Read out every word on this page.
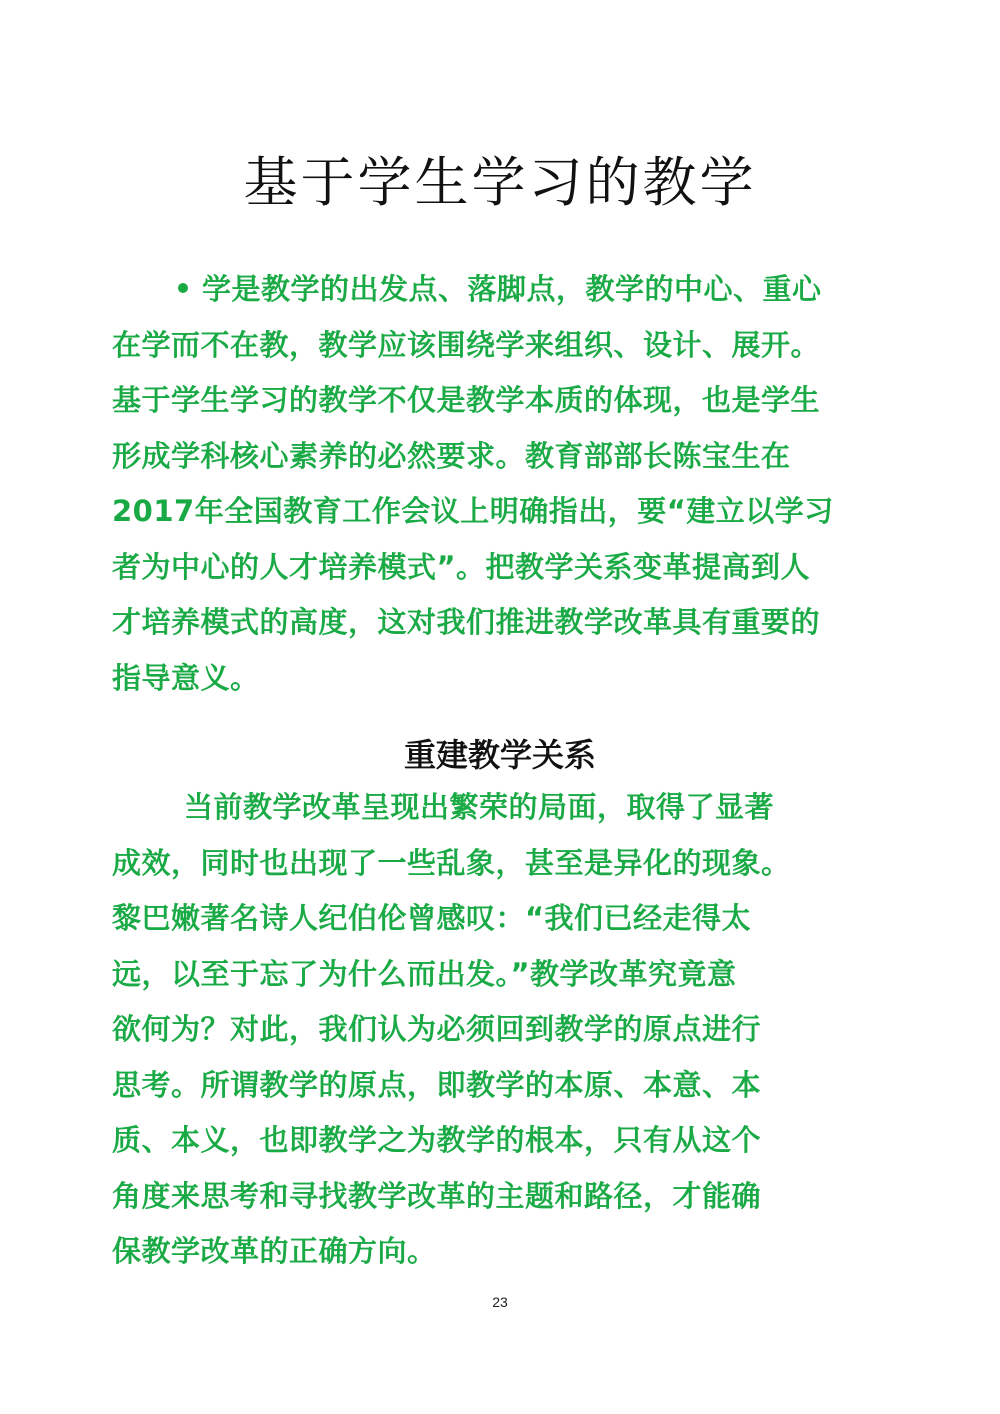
基于学生学习的教学
学是教学的出发点、落脚点，教学的中心、重心
在学而不在教，教学应该围绕学来组织、设计、展开。
基于学生学习的教学不仅是教学本质的体现，也是学生
形成学科核心素养的必然要求。教育部部长陈宝生在
2017年全国教育工作会议上明确指出，要“建立以学习
者为中心的人才培养模式”。把教学关系变革提高到人
才培养模式的高度，这对我们推进教学改革具有重要的
指导意义。
重建教学关系
当前教学改革呈现出繁荣的局面，取得了显著
成效，同时也出现了一些乱象，甚至是异化的现象。
黎巴嫩著名诗人纪伯伦曾感叹：“我们已经走得太
远，以至于忘了为什么而出发。”教学改革究竟意
欲何为？对此，我们认为必须回到教学的原点进行
思考。所谓教学的原点，即教学的本原、本意、本
质、本义，也即教学之为教学的根本，只有从这个
角度来思考和寻找教学改革的主题和路径，才能确
保教学改革的正确方向。
23
